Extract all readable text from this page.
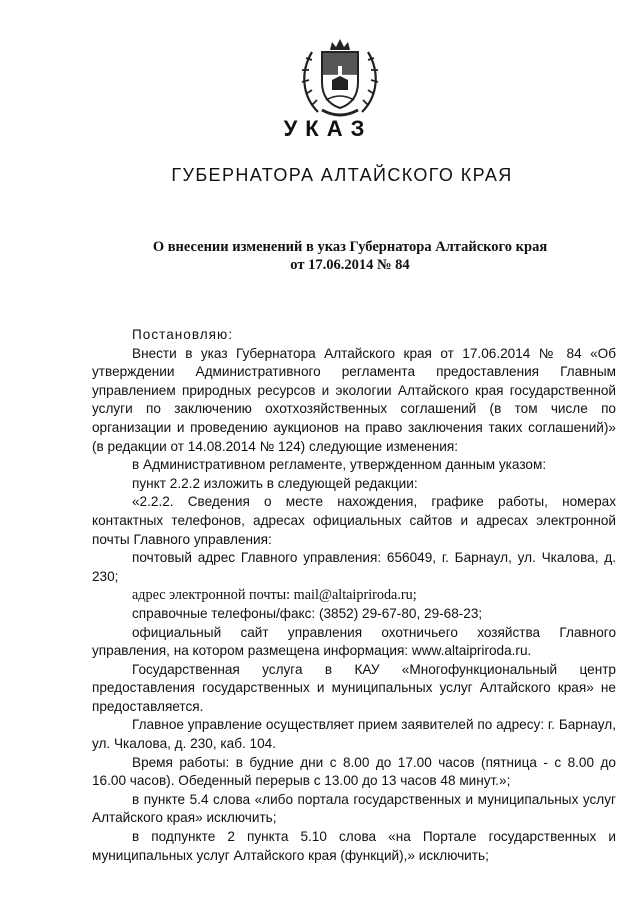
УКАЗ
ГУБЕРНАТОРА АЛТАЙСКОГО КРАЯ
О внесении изменений в указ Губернатора Алтайского края
от 17.06.2014 № 84

Постановляю:

Внести в указ Губернатора Алтайского края от 17.06.2014 № 84 «Об утверждении Административного регламента предоставления Главным управлением природных ресурсов и экологии Алтайского края государственной услуги по заключению охотхозяйственных соглашений (в том числе по организации и проведению аукционов на право заключения таких соглашений)» (в редакции от 14.08.2014 № 124) следующие изменения:

в Административном регламенте, утвержденном данным указом:

пункт 2.2.2 изложить в следующей редакции:

«2.2.2. Сведения о месте нахождения, графике работы, номерах контактных телефонов, адресах официальных сайтов и адресах электронной почты Главного управления:

почтовый адрес Главного управления: 656049, г. Барнаул, ул. Чкалова, д. 230;

адрес электронной почты: mail@altaipriroda.ru;

справочные телефоны/факс: (3852) 29-67-80, 29-68-23;

официальный сайт управления охотничьего хозяйства Главного управления, на котором размещена информация: www.altaipriroda.ru.

Государственная услуга в КАУ «Многофункциональный центр предоставления государственных и муниципальных услуг Алтайского края» не предоставляется.

Главное управление осуществляет прием заявителей по адресу: г. Барнаул, ул. Чкалова, д. 230, каб. 104.

Время работы: в будние дни с 8.00 до 17.00 часов (пятница - с 8.00 до 16.00 часов). Обеденный перерыв с 13.00 до 13 часов 48 минут.»;

в пункте 5.4 слова «либо портала государственных и муниципальных услуг Алтайского края» исключить;

в подпункте 2 пункта 5.10 слова «на Портале государственных и муниципальных услуг Алтайского края (функций),» исключить;
